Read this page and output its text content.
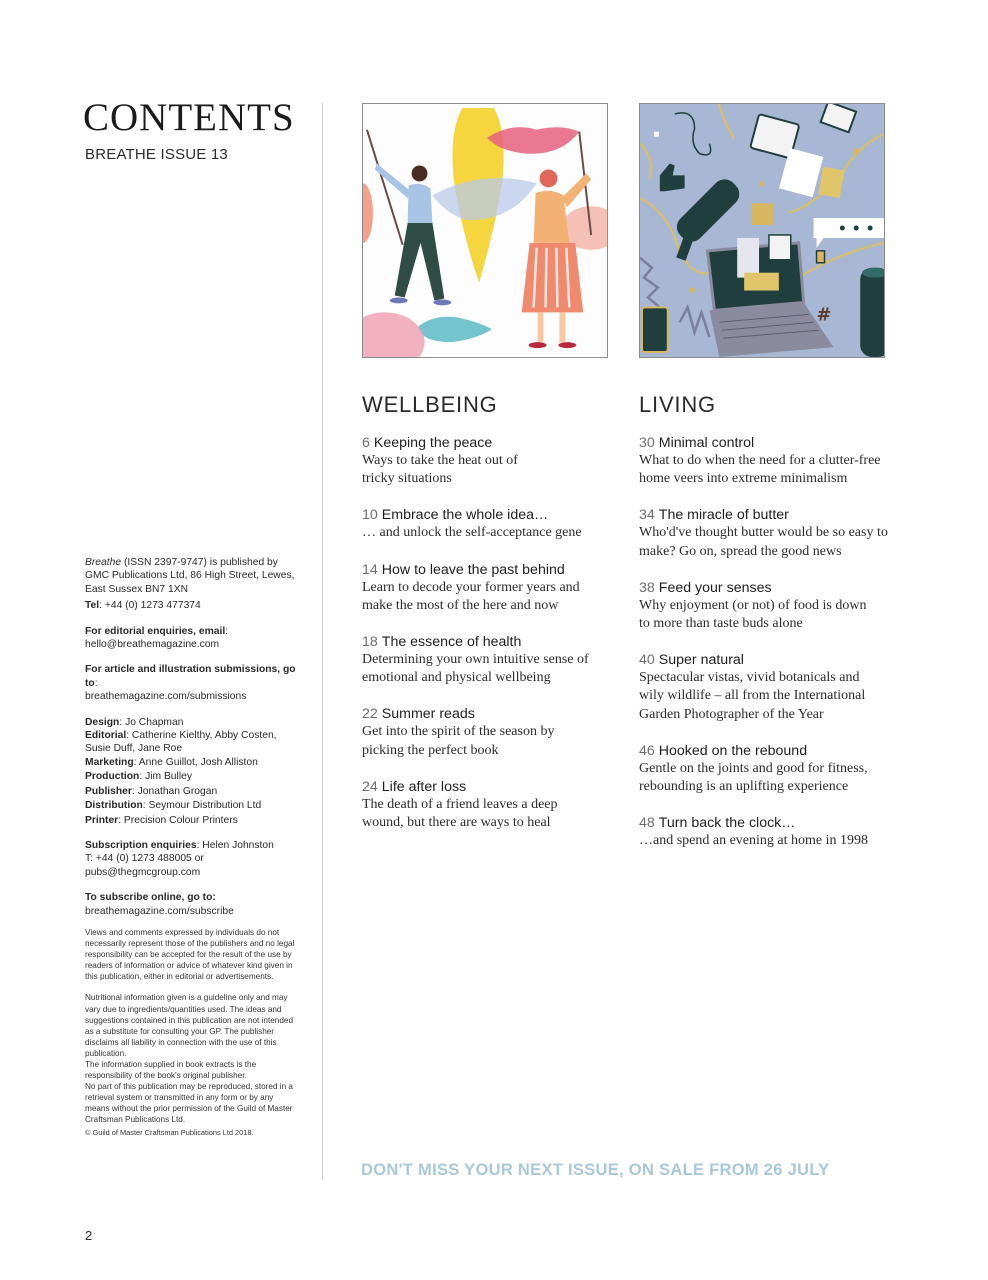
CONTENTS
BREATHE ISSUE 13

Breathe (ISSN 2397-9747) is published by GMC Publications Ltd, 86 High Street, Lewes, East Sussex BN7 1XN

Tel: +44 (0) 1273 477374

For editorial enquiries, email:

hello@breathemagazine.com

For article and illustration submissions, go to:

breathemagazine.com/submissions

Design: Jo Chapman

Editorial: Catherine Kielthy, Abby Costen, Susie Duff, Jane Roe

Marketing: Anne Guillot, Josh Alliston

Production: Jim Bulley

Publisher: Jonathan Grogan

Distribution: Seymour Distribution Ltd

Printer: Precision Colour Printers

Subscription enquiries: Helen Johnston

T: +44 (0) 1273 488005 or

pubs@thegmcgroup.com

To subscribe online, go to:

breathemagazine.com/subscribe

Views and comments expressed by individuals do not necessarily represent those of the publishers and no legal responsibility can be accepted for the result of the use by readers of information or advice of whatever kind given in this publication, either in editorial or advertisements.

Nutritional information given is a guideline only and may vary due to ingredients/quantities used. The ideas and suggestions contained in this publication are not intended as a substitute for consulting your GP. The publisher disclaims all liability in connection with the use of this publication.

The information supplied in book extracts is the responsibility of the book's original publisher.

No part of this publication may be reproduced, stored in a retrieval system or transmitted in any form or by any means without the prior permission of the Guild of Master Craftsman Publications Ltd.

© Guild of Master Craftsman Publications Ltd 2018.

#
WELLBEING
6 Keeping the peace
Ways to take the heat out of tricky situations
10 Embrace the whole idea…
… and unlock the self-acceptance gene
14 How to leave the past behind
Learn to decode your former years and make the most of the here and now
18 The essence of health
Determining your own intuitive sense of emotional and physical wellbeing
22 Summer reads
Get into the spirit of the season by picking the perfect book
24 Life after loss
The death of a friend leaves a deep wound, but there are ways to heal
LIVING
30 Minimal control
What to do when the need for a clutter-free home veers into extreme minimalism
34 The miracle of butter
Who'd've thought butter would be so easy to make? Go on, spread the good news
38 Feed your senses
Why enjoyment (or not) of food is down to more than taste buds alone
40 Super natural
Spectacular vistas, vivid botanicals and wily wildlife – all from the International Garden Photographer of the Year
46 Hooked on the rebound
Gentle on the joints and good for fitness, rebounding is an uplifting experience
48 Turn back the clock…
…and spend an evening at home in 1998
DON'T MISS YOUR NEXT ISSUE, ON SALE FROM 26 JULY
2
